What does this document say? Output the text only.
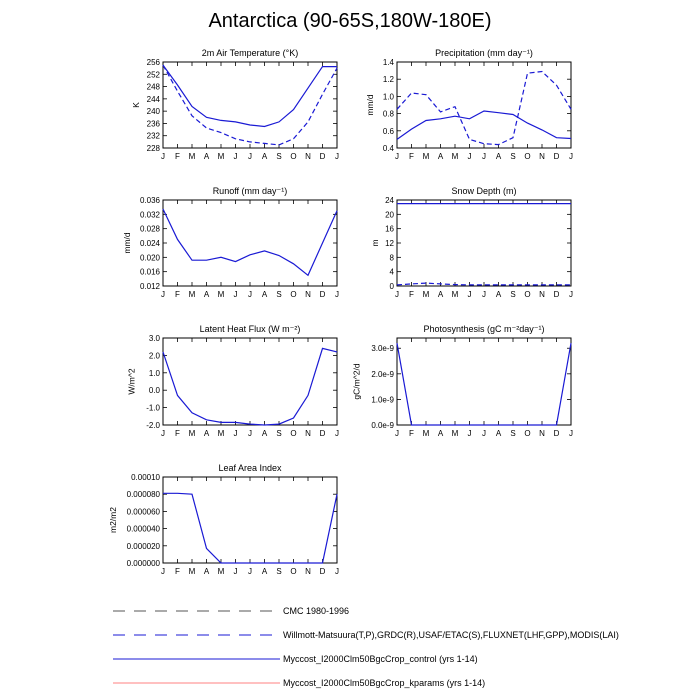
Antarctica (90-65S,180W-180E)
2m Air Temperature (°K)
J F M A M J J A S O N D J
228
232
236
240
244
248
252
256
K
Precipitation (mm day⁻¹)
J F M A M J J A S O N D J
0.4
0.6
0.8
1.0
1.2
1.4
mm/d
Runoff (mm day⁻¹)
J F M A M J J A S O N D J
0.012
0.016
0.020
0.024
0.028
0.032
0.036
mm/d
Snow Depth (m)
J F M A M J J A S O N D J
0
4
8
12
16
20
24
m
Latent Heat Flux (W m⁻²)
J F M A M J J A S O N D J
-2.0
-1.0
0.0
1.0
2.0
3.0
W/m^2
Photosynthesis (gC m⁻²day⁻¹)
J F M A M J J A S O N D J
0.0e-9
1.0e-9
2.0e-9
3.0e-9
gC/m^2/d
Leaf Area Index
J F M A M J J A S O N D J
0.000000
0.000020
0.000040
0.000060
0.000080
0.00010
m2/m2
CMC 1980-1996
Willmott-Matsuura(T,P),GRDC(R),USAF/ETAC(S),FLUXNET(LHF,GPP),MODIS(LAI)
Myccost_I2000Clm50BgcCrop_control (yrs 1-14)
Myccost_I2000Clm50BgcCrop_kparams (yrs 1-14)
